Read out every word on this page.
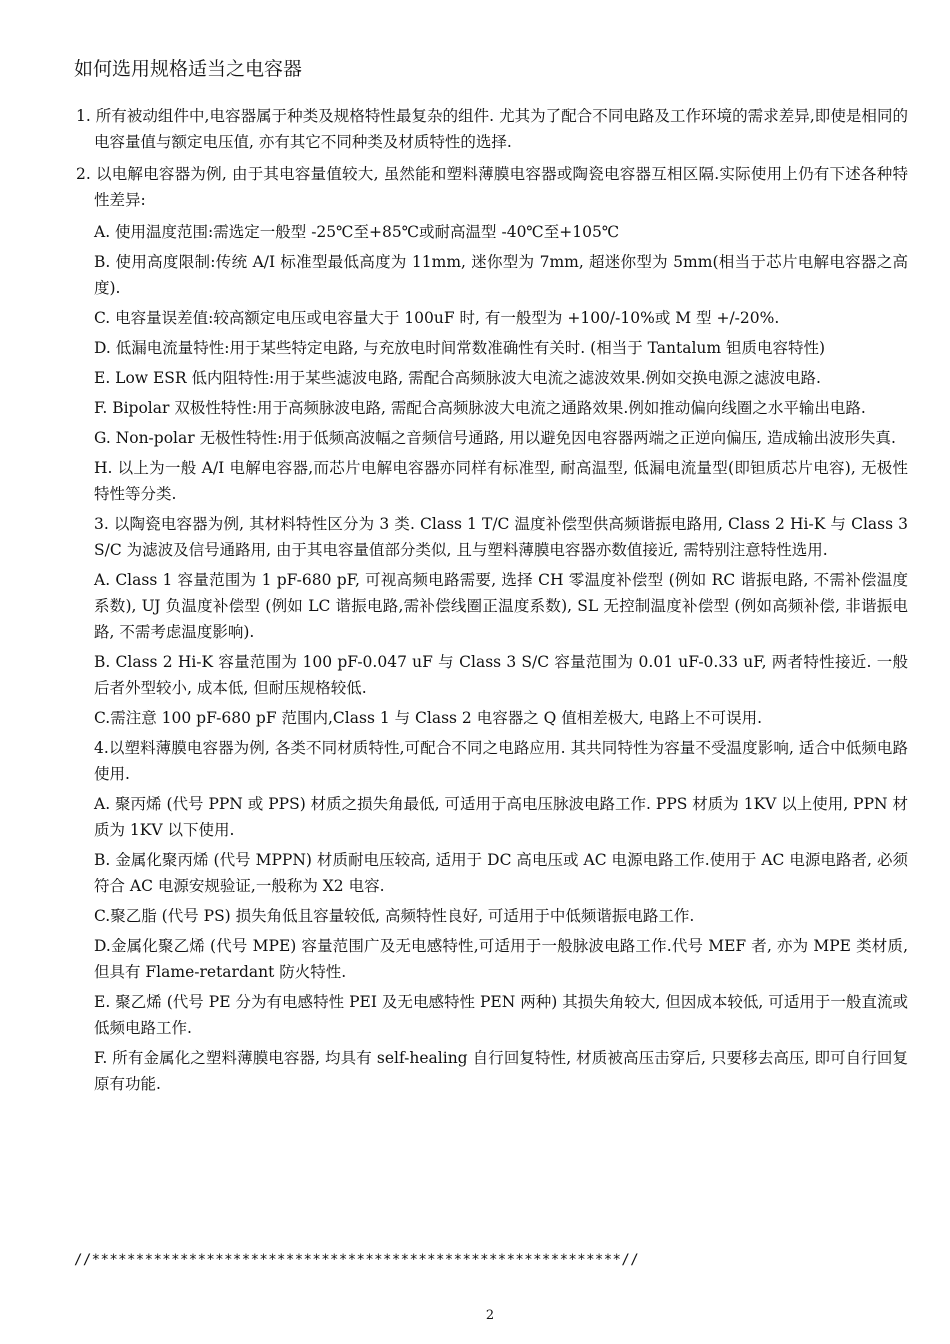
如何选用规格适当之电容器

1. 所有被动组件中,电容器属于种类及规格特性最复杂的组件. 尤其为了配合不同电路及工作环境的需求差异,即使是相同的电容量值与额定电压值, 亦有其它不同种类及材质特性的选择.

2. 以电解电容器为例, 由于其电容量值较大, 虽然能和塑料薄膜电容器或陶瓷电容器互相区隔.实际使用上仍有下述各种特性差异:

A. 使用温度范围:需选定一般型 -25℃至+85℃或耐高温型 -40℃至+105℃

B. 使用高度限制:传统 A/I 标准型最低高度为 11mm, 迷你型为 7mm, 超迷你型为 5mm(相当于芯片电解电容器之高度).

C. 电容量误差值:较高额定电压或电容量大于 100uF 时, 有一般型为 +100/-10%或 M 型 +/-20%.

D. 低漏电流量特性:用于某些特定电路, 与充放电时间常数准确性有关时. (相当于 Tantalum 钽质电容特性)

E. Low ESR 低内阻特性:用于某些滤波电路, 需配合高频脉波大电流之滤波效果.例如交换电源之滤波电路.

F. Bipolar 双极性特性:用于高频脉波电路, 需配合高频脉波大电流之通路效果.例如推动偏向线圈之水平输出电路.

G. Non-polar 无极性特性:用于低频高波幅之音频信号通路, 用以避免因电容器两端之正逆向偏压, 造成输出波形失真.

H. 以上为一般 A/I 电解电容器,而芯片电解电容器亦同样有标准型, 耐高温型, 低漏电流量型(即钽质芯片电容), 无极性特性等分类.

3. 以陶瓷电容器为例, 其材料特性区分为 3 类. Class 1 T/C 温度补偿型供高频谐振电路用, Class 2 Hi-K 与 Class 3 S/C 为滤波及信号通路用, 由于其电容量值部分类似, 且与塑料薄膜电容器亦数值接近, 需特别注意特性选用.

A. Class 1 容量范围为 1 pF-680 pF, 可视高频电路需要, 选择 CH 零温度补偿型 (例如 RC 谐振电路, 不需补偿温度系数), UJ 负温度补偿型 (例如 LC 谐振电路,需补偿线圈正温度系数), SL 无控制温度补偿型 (例如高频补偿, 非谐振电路, 不需考虑温度影响).

B. Class 2 Hi-K 容量范围为 100 pF-0.047 uF 与 Class 3 S/C 容量范围为 0.01 uF-0.33 uF, 两者特性接近. 一般后者外型较小, 成本低, 但耐压规格较低.

C.需注意 100 pF-680 pF 范围内,Class 1 与 Class 2 电容器之 Q 值相差极大, 电路上不可误用.

4.以塑料薄膜电容器为例, 各类不同材质特性,可配合不同之电路应用. 其共同特性为容量不受温度影响, 适合中低频电路使用.

A. 聚丙烯 (代号 PPN 或 PPS) 材质之损失角最低, 可适用于高电压脉波电路工作. PPS 材质为 1KV 以上使用, PPN 材质为 1KV 以下使用.

B. 金属化聚丙烯 (代号 MPPN) 材质耐电压较高, 适用于 DC 高电压或 AC 电源电路工作.使用于 AC 电源电路者, 必须符合 AC 电源安规验证,一般称为 X2 电容.

C.聚乙脂 (代号 PS) 损失角低且容量较低, 高频特性良好, 可适用于中低频谐振电路工作.

D.金属化聚乙烯 (代号 MPE) 容量范围广及无电感特性,可适用于一般脉波电路工作.代号 MEF 者, 亦为 MPE 类材质, 但具有 Flame-retardant 防火特性.

E. 聚乙烯 (代号 PE 分为有电感特性 PEI 及无电感特性 PEN 两种) 其损失角较大, 但因成本较低, 可适用于一般直流或低频电路工作.

F. 所有金属化之塑料薄膜电容器, 均具有 self-healing 自行回复特性, 材质被高压击穿后, 只要移去高压, 即可自行回复原有功能.

//************************************************************//
2
